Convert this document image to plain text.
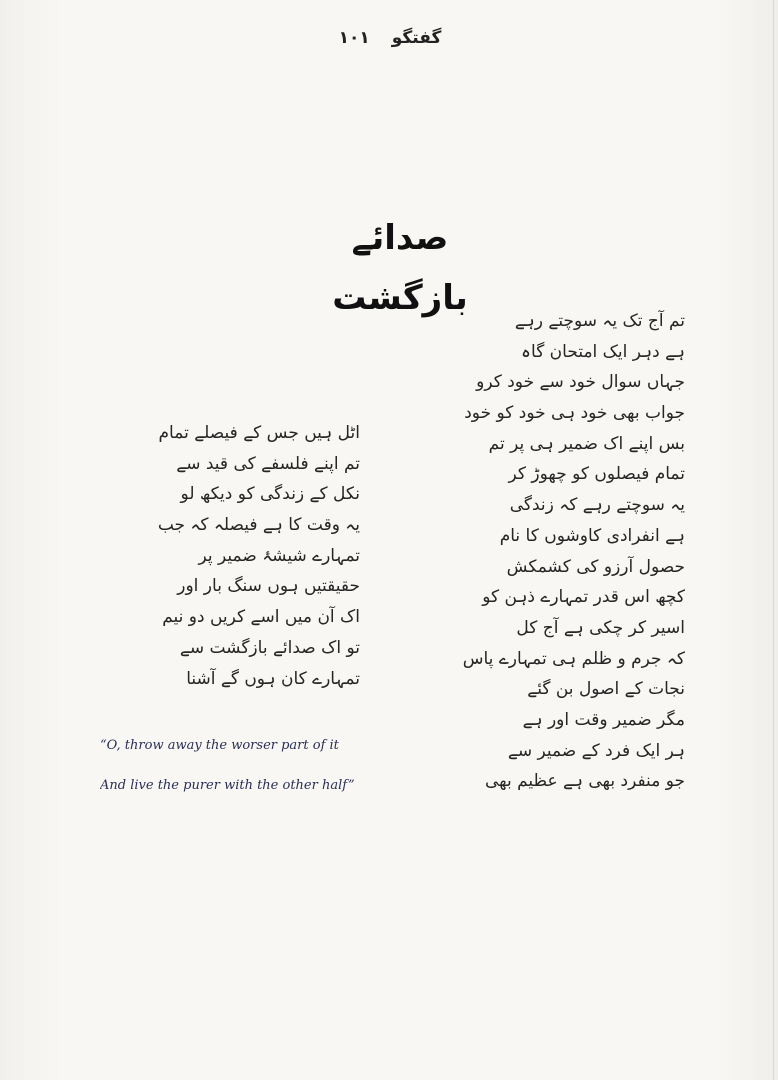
گفتگو ۱۰۱
صدائے بازگشت
تم آج تک یہ سوچتے رہے
ہے دہر ایک امتحان گاہ
جہاں سوال خود سے خود کرو
جواب بھی خود ہی خود کو خود
بس اپنے اک ضمیر ہی پر تم
تمام فیصلوں کو چھوڑ کر
یہ سوچتے رہے کہ زندگی
ہے انفرادی کاوشوں کا نام
حصول آرزو کی کشمکش
کچھ اس قدر تمہارے ذہن کو
اسیر کر چکی ہے آج کل
کہ جرم و ظلم ہی تمہارے پاس
نجات کے اصول بن گئے
مگر ضمیر وقت اور ہے
ہر ایک فرد کے ضمیر سے
جو منفرد بھی ہے عظیم بھی
اٹل ہیں جس کے فیصلے تمام
تم اپنے فلسفے کی قید سے
نکل کے زندگی کو دیکھ لو
یہ وقت کا ہے فیصلہ کہ جب
تمہارے شیشۂ ضمیر پر
حقیقتیں ہوں سنگ بار اور
اک آن میں اسے کریں دو نیم
تو اک صدائے بازگشت سے
تمہارے کان ہوں گے آشنا
“O, throw away the worser part of it
And live the purer with the other half”
